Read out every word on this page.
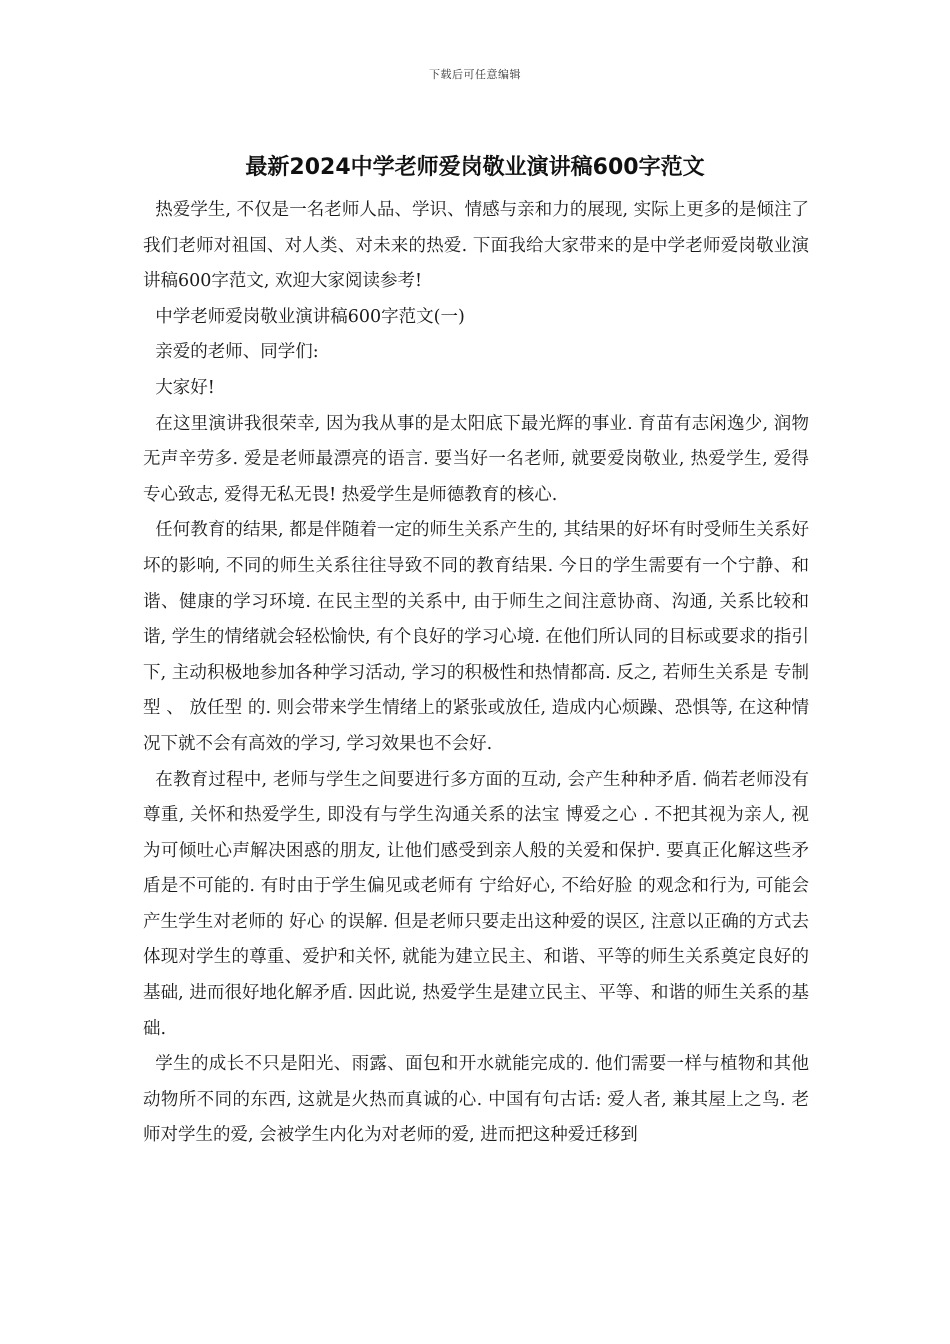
下载后可任意编辑
最新2024中学老师爱岗敬业演讲稿600字范文

热爱学生, 不仅是一名老师人品、学识、情感与亲和力的展现, 实际上更多的是倾注了我们老师对祖国、对人类、对未来的热爱. 下面我给大家带来的是中学老师爱岗敬业演讲稿600字范文, 欢迎大家阅读参考!

中学老师爱岗敬业演讲稿600字范文(一)

亲爱的老师、同学们:

大家好!

在这里演讲我很荣幸, 因为我从事的是太阳底下最光辉的事业. 育苗有志闲逸少, 润物无声辛劳多. 爱是老师最漂亮的语言. 要当好一名老师, 就要爱岗敬业, 热爱学生, 爱得专心致志, 爱得无私无畏! 热爱学生是师德教育的核心.

任何教育的结果, 都是伴随着一定的师生关系产生的, 其结果的好坏有时受师生关系好坏的影响, 不同的师生关系往往导致不同的教育结果. 今日的学生需要有一个宁静、和谐、健康的学习环境. 在民主型的关系中, 由于师生之间注意协商、沟通, 关系比较和谐, 学生的情绪就会轻松愉快, 有个良好的学习心境. 在他们所认同的目标或要求的指引下, 主动积极地参加各种学习活动, 学习的积极性和热情都高. 反之, 若师生关系是 专制型 、 放任型 的. 则会带来学生情绪上的紧张或放任, 造成内心烦躁、恐惧等, 在这种情况下就不会有高效的学习, 学习效果也不会好.

在教育过程中, 老师与学生之间要进行多方面的互动, 会产生种种矛盾. 倘若老师没有尊重, 关怀和热爱学生, 即没有与学生沟通关系的法宝 博爱之心 . 不把其视为亲人, 视为可倾吐心声解决困惑的朋友, 让他们感受到亲人般的关爱和保护. 要真正化解这些矛盾是不可能的. 有时由于学生偏见或老师有 宁给好心, 不给好脸 的观念和行为, 可能会产生学生对老师的 好心 的误解. 但是老师只要走出这种爱的误区, 注意以正确的方式去体现对学生的尊重、爱护和关怀, 就能为建立民主、和谐、平等的师生关系奠定良好的基础, 进而很好地化解矛盾. 因此说, 热爱学生是建立民主、平等、和谐的师生关系的基础.

学生的成长不只是阳光、雨露、面包和开水就能完成的. 他们需要一样与植物和其他动物所不同的东西, 这就是火热而真诚的心. 中国有句古话: 爱人者, 兼其屋上之鸟. 老师对学生的爱, 会被学生内化为对老师的爱, 进而把这种爱迁移到
